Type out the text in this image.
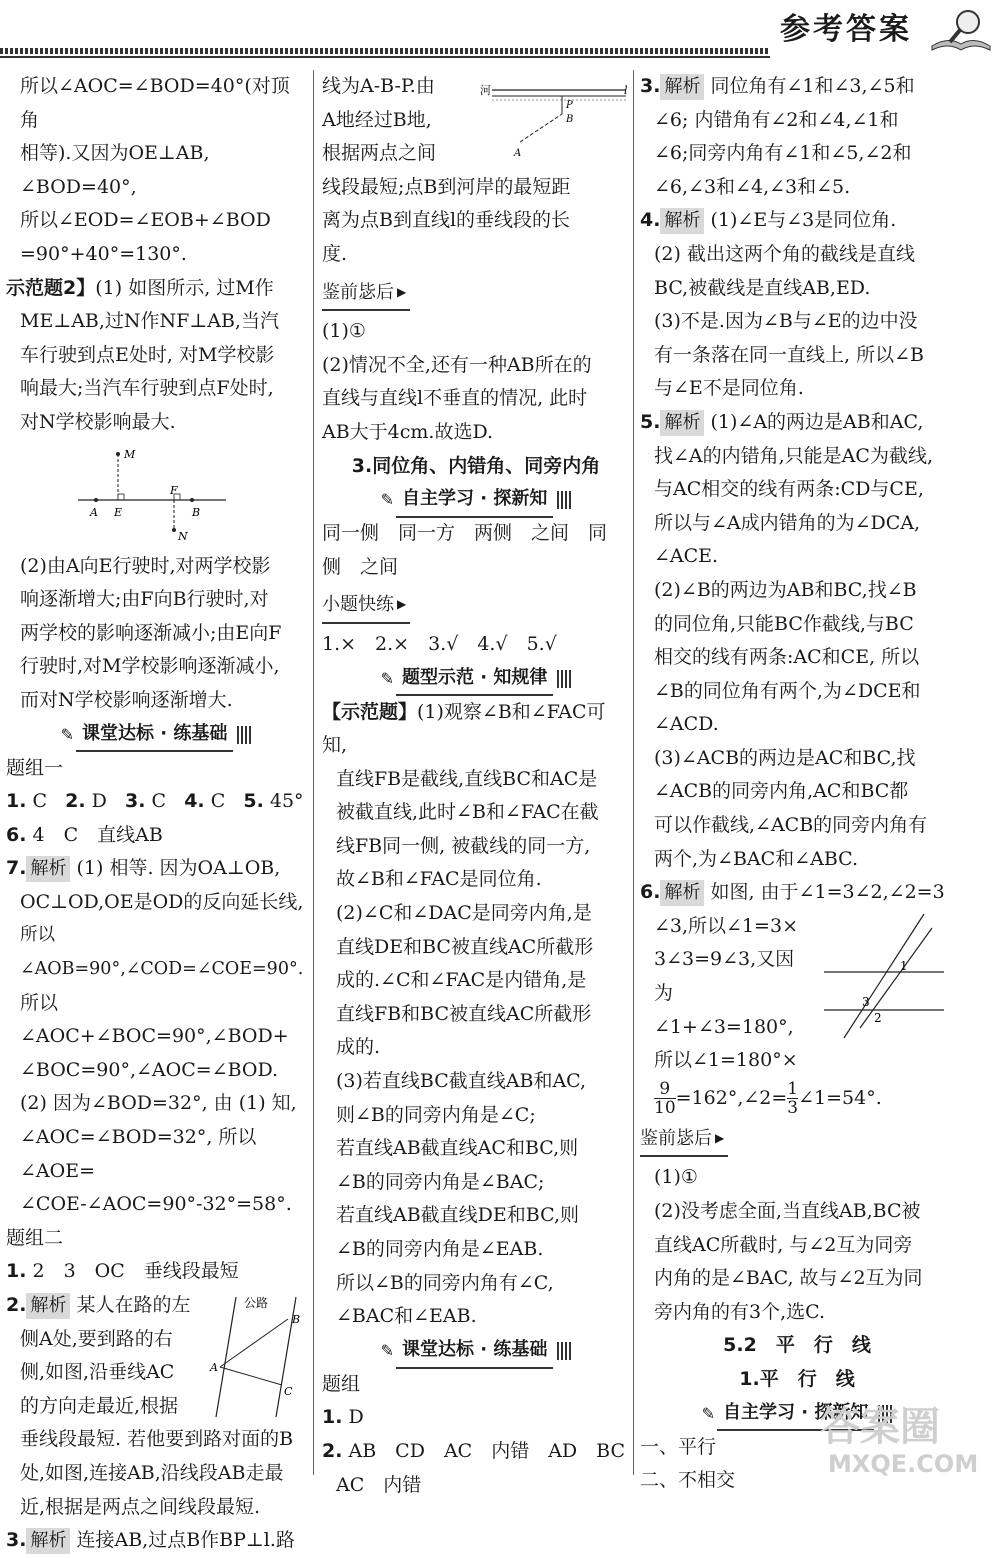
参考答案

所以∠AOC=∠BOD=40°(对顶角

相等).又因为OE⊥AB,

∠BOD=40°,

所以∠EOD=∠EOB+∠BOD

=90°+40°=130°.

示范题2】(1) 如图所示, 过M作

ME⊥AB,过N作NF⊥AB,当汽

车行驶到点E处时, 对M学校影

响最大;当汽车行驶到点F处时,

对N学校影响最大.

M
A E
F
B
N

(2)由A向E行驶时,对两学校影

响逐渐增大;由F向B行驶时,对

两学校的影响逐渐减小;由E向F

行驶时,对M学校影响逐渐减小,

而对N学校影响逐渐增大.

✎ 课堂达标 · 练基础

题组一

1. C 2. D 3. C 4. C 5. 45°

6. 4　C　直线AB

7. 解析 (1) 相等. 因为OA⊥OB,

OC⊥OD,OE是OD的反向延长线,

所以∠AOB=90°,∠COD=∠COE=90°.

所以∠AOC+∠BOC=90°,∠BOD+

∠BOC=90°,∠AOC=∠BOD.

(2) 因为∠BOD=32°, 由 (1) 知,

∠AOC=∠BOD=32°, 所以∠AOE=

∠COE-∠AOC=90°-32°=58°.

题组二

1. 2　3　OC　垂线段最短

公路
A
B
C

2. 解析 某人在路的左

侧A处,要到路的右

侧,如图,沿垂线AC

的方向走最近,根据

垂线段最短. 若他要到路对面的B

处,如图,连接AB,沿线段AB走最

近,根据是两点之间线段最短.

3. 解析 连接AB,过点B作BP⊥l.路

河	l
P
B
A

线为A-B-P.由

A地经过B地,

根据两点之间

线段最短;点B到河岸的最短距

离为点B到直线l的垂线段的长

度.

鉴前毖后 ▶

(1)①

(2)情况不全,还有一种AB所在的

直线与直线l不垂直的情况, 此时

AB大于4cm.故选D.

3.同位角、内错角、同旁内角

✎ 自主学习 · 探新知

同一侧　同一方　两侧　之间　同

侧　之间

小题快练 ▶

1.×　2.×　3.√　4.√　5.√

✎ 题型示范 · 知规律

【示范题】(1)观察∠B和∠FAC可知,

直线FB是截线,直线BC和AC是

被截直线,此时∠B和∠FAC在截

线FB同一侧, 被截线的同一方,

故∠B和∠FAC是同位角.

(2)∠C和∠DAC是同旁内角,是

直线DE和BC被直线AC所截形

成的.∠C和∠FAC是内错角,是

直线FB和BC被直线AC所截形

成的.

(3)若直线BC截直线AB和AC,

则∠B的同旁内角是∠C;

若直线AB截直线AC和BC,则

∠B的同旁内角是∠BAC;

若直线AB截直线DE和BC,则

∠B的同旁内角是∠EAB.

所以∠B的同旁内角有∠C,

∠BAC和∠EAB.

✎ 课堂达标 · 练基础

题组

1. D

2. AB　CD　AC　内错　AD　BC

AC　内错

3. 解析 同位角有∠1和∠3,∠5和

∠6; 内错角有∠2和∠4,∠1和

∠6;同旁内角有∠1和∠5,∠2和

∠6,∠3和∠4,∠3和∠5.

4. 解析 (1)∠E与∠3是同位角.

(2) 截出这两个角的截线是直线

BC,被截线是直线AB,ED.

(3)不是.因为∠B与∠E的边中没

有一条落在同一直线上, 所以∠B

与∠E不是同位角.

5. 解析 (1)∠A的两边是AB和AC,

找∠A的内错角,只能是AC为截线,

与AC相交的线有两条:CD与CE,

所以与∠A成内错角的为∠DCA,

∠ACE.

(2)∠B的两边为AB和BC,找∠B

的同位角,只能BC作截线,与BC

相交的线有两条:AC和CE, 所以

∠B的同位角有两个,为∠DCE和

∠ACD.

(3)∠ACB的两边是AC和BC,找

∠ACB的同旁内角,AC和BC都

可以作截线,∠ACB的同旁内角有

两个,为∠BAC和∠ABC.

6. 解析 如图, 由于∠1=3∠2,∠2=3

1
2
3

∠3,所以∠1=3×

3∠3=9∠3,又因

为∠1+∠3=180°,

所以∠1=180°×

$\frac{9}{10}$ =162°,∠2= $\frac{1}{3}$ ∠1=54°.

鉴前毖后 ▶

(1)①

(2)没考虑全面,当直线AB,BC被

直线AC所截时, 与∠2互为同旁

内角的是∠BAC, 故与∠2互为同

旁内角的有3个,选C.

5.2　平　行　线

1.平　行　线

✎ 自主学习 · 探新知

一、平行

二、不相交

答案圈
MXQE.COM
